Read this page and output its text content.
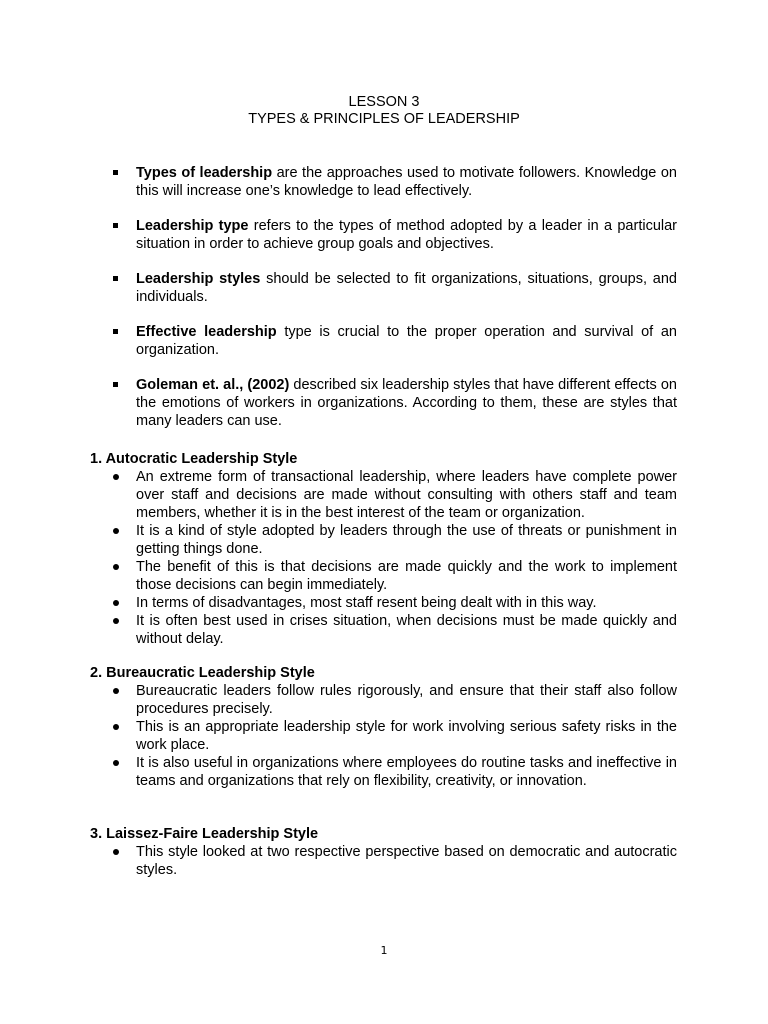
LESSON 3
TYPES & PRINCIPLES OF LEADERSHIP
Types of leadership are the approaches used to motivate followers. Knowledge on this will increase one’s knowledge to lead effectively.
Leadership type refers to the types of method adopted by a leader in a particular situation in order to achieve group goals and objectives.
Leadership styles should be selected to fit organizations, situations, groups, and individuals.
Effective leadership type is crucial to the proper operation and survival of an organization.
Goleman et. al., (2002) described six leadership styles that have different effects on the emotions of workers in organizations. According to them, these are styles that many leaders can use.

1. Autocratic Leadership Style

An extreme form of transactional leadership, where leaders have complete power over staff and decisions are made without consulting with others staff and team members, whether it is in the best interest of the team or organization.
It is a kind of style adopted by leaders through the use of threats or punishment in getting things done.
The benefit of this is that decisions are made quickly and the work to implement those decisions can begin immediately.
In terms of disadvantages, most staff resent being dealt with in this way.
It is often best used in crises situation, when decisions must be made quickly and without delay.

2. Bureaucratic Leadership Style

Bureaucratic leaders follow rules rigorously, and ensure that their staff also follow procedures precisely.
This is an appropriate leadership style for work involving serious safety risks in the work place.
It is also useful in organizations where employees do routine tasks and ineffective in teams and organizations that rely on flexibility, creativity, or innovation.

3. Laissez-Faire Leadership Style

This style looked at two respective perspective based on democratic and autocratic styles.
1
